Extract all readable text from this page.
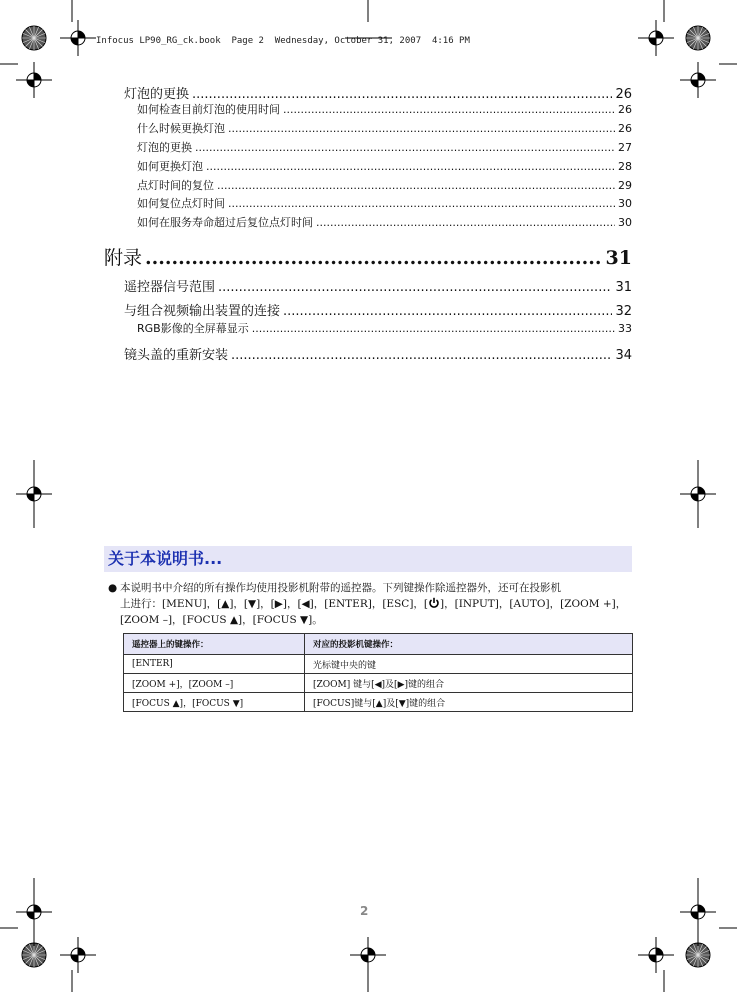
Infocus LP90_RG_ck.book  Page 2  Wednesday, October 31, 2007  4:16 PM
灯泡的更换 .....	26
如何检查目前灯泡的使用时间 .....	26
什么时候更换灯泡 .....	26
灯泡的更换 .....	27
如何更换灯泡 .....	28
点灯时间的复位 .....	29
如何复位点灯时间 .....	30
如何在服务寿命超过后复位点灯时间 .....	30
附录 .....	31
遥控器信号范围 .....	31
与组合视频输出装置的连接 .....	32
RGB影像的全屏幕显示 .....	33
镜头盖的重新安装 .....	34
关于本说明书...
● 本说明书中介绍的所有操作均使用投影机附带的遥控器。下列键操作除遥控器外，还可在投影机
上进行：[MENU]，[▲]，[▼]，[▶]，[◀]，[ENTER]，[ESC]，[ ]，[INPUT]，[AUTO]，[ZOOM +]，
[ZOOM –]，[FOCUS ▲]，[FOCUS ▼]。
遥控器上的键操作：	对应的投影机键操作：
[ENTER]	光标键中央的键
[ZOOM +]，[ZOOM –]	[ZOOM] 键与[◀]及[▶]键的组合
[FOCUS ▲]，[FOCUS ▼]	[FOCUS]键与[▲]及[▼]键的组合
2
